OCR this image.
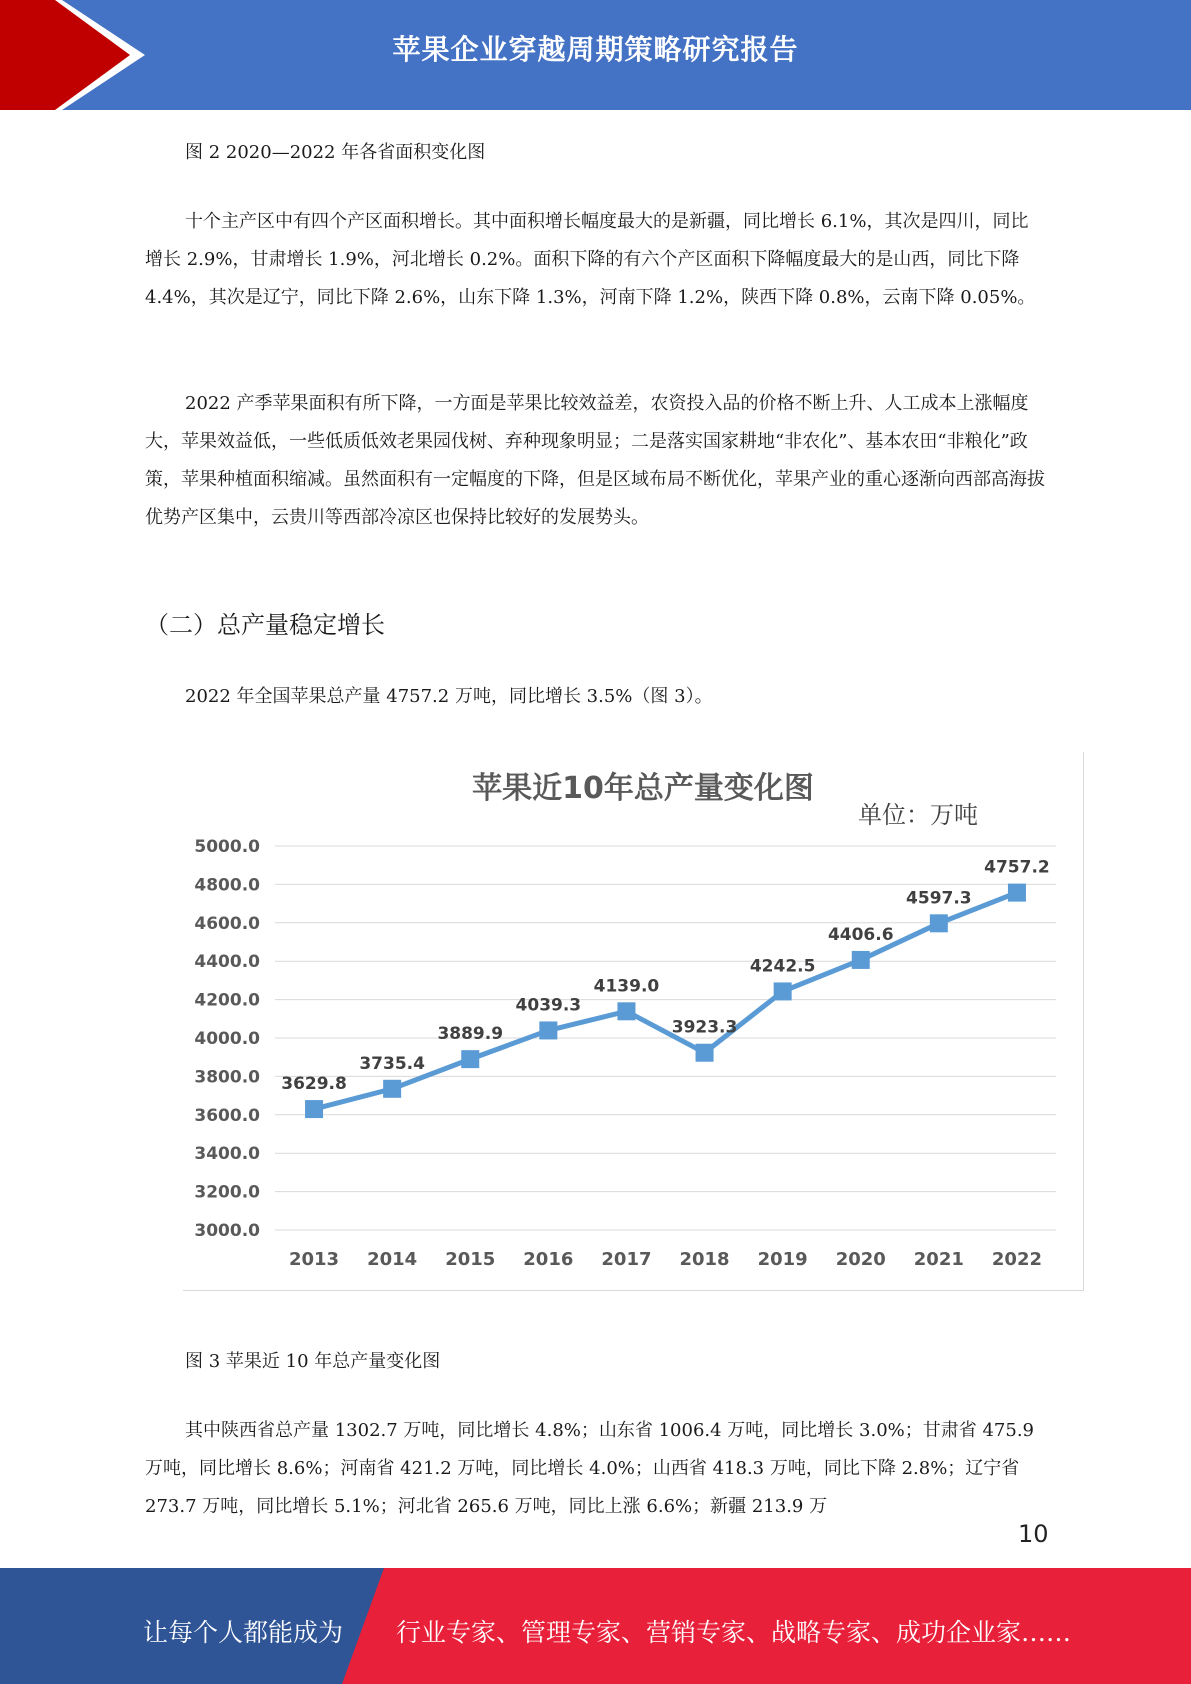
苹果企业穿越周期策略研究报告

图 2 2020—2022 年各省面积变化图

十个主产区中有四个产区面积增长。其中面积增长幅度最大的是新疆，同比增长 6.1%，其次是四川，同比增长 2.9%，甘肃增长 1.9%，河北增长 0.2%。面积下降的有六个产区面积下降幅度最大的是山西，同比下降 4.4%，其次是辽宁，同比下降 2.6%，山东下降 1.3%，河南下降 1.2%，陕西下降 0.8%，云南下降 0.05%。

2022 产季苹果面积有所下降，一方面是苹果比较效益差，农资投入品的价格不断上升、人工成本上涨幅度大，苹果效益低，一些低质低效老果园伐树、弃种现象明显；二是落实国家耕地“非农化”、基本农田“非粮化”政策，苹果种植面积缩减。虽然面积有一定幅度的下降，但是区域布局不断优化，苹果产业的重心逐渐向西部高海拔优势产区集中，云贵川等西部冷凉区也保持比较好的发展势头。

（二）总产量稳定增长

2022 年全国苹果总产量 4757.2 万吨，同比增长 3.5%（图 3）。

苹果近10年总产量变化图
单位：万吨
3000.0
3200.0
3400.0
3600.0
3800.0
4000.0
4200.0
4400.0
4600.0
4800.0
5000.0
2013 2014 2015 2016 2017 2018 2019 2020 2021 2022
3629.8
3735.4
3889.9
4039.3
4139.0
3923.3
4242.5
4406.6
4597.3
4757.2

图 3 苹果近 10 年总产量变化图

其中陕西省总产量 1302.7 万吨，同比增长 4.8%；山东省 1006.4 万吨，同比增长 3.0%；甘肃省 475.9 万吨，同比增长 8.6%；河南省 421.2 万吨，同比增长 4.0%；山西省 418.3 万吨，同比下降 2.8%；辽宁省 273.7 万吨，同比增长 5.1%；河北省 265.6 万吨，同比上涨 6.6%；新疆 213.9 万

10
让每个人都能成为 行业专家、管理专家、营销专家、战略专家、成功企业家……
